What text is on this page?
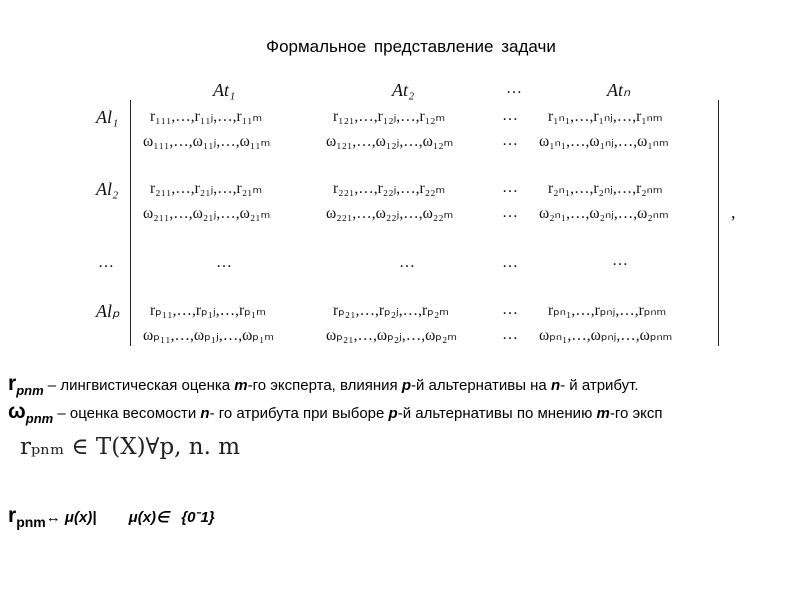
Формальное представление задачи
At₁	At₂	…	Atₙ
Al₁ r₁₁₁,…,r₁₁ⱼ,…,r₁₁ₘ	r₁₂₁,…,r₁₂ⱼ,…,r₁₂ₘ	… r₁ₙ₁,…,r₁ₙⱼ,…,r₁ₙₘ
ω₁₁₁,…,ω₁₁ⱼ,…,ω₁₁ₘ	ω₁₂₁,…,ω₁₂ⱼ,…,ω₁₂ₘ	… ω₁ₙ₁,…,ω₁ₙⱼ,…,ω₁ₙₘ
Al₂ r₂₁₁,…,r₂₁ⱼ,…,r₂₁ₘ	r₂₂₁,…,r₂₂ⱼ,…,r₂₂ₘ	… r₂ₙ₁,…,r₂ₙⱼ,…,r₂ₙₘ
ω₂₁₁,…,ω₂₁ⱼ,…,ω₂₁ₘ	ω₂₂₁,…,ω₂₂ⱼ,…,ω₂₂ₘ	… ω₂ₙ₁,…,ω₂ₙⱼ,…,ω₂ₙₘ	,
…	…	…	…	…
Alₚ rₚ₁₁,…,rₚ₁ⱼ,…,rₚ₁ₘ	rₚ₂₁,…,rₚ₂ⱼ,…,rₚ₂ₘ	… rₚₙ₁,…,rₚₙⱼ,…,rₚₙₘ
ωₚ₁₁,…,ωₚ₁ⱼ,…,ωₚ₁ₘ	ωₚ₂₁,…,ωₚ₂ⱼ,…,ωₚ₂ₘ	… ωₚₙ₁,…,ωₚₙⱼ,…,ωₚₙₘ
$r_{pnm}$ – лингвистическая оценка m-го эксперта, влияния p-й альтернативы на n- й атрибут.
$\omega_{pnm}$ – оценка весомости n- го атрибута при выборе p-й альтернативы по мнению m-го эксп
rₚₙₘ ∈ T(X)∀p, n. m
$r_{pnm}\leftrightarrow$ μ(x)| μ(x)∈ {0ˉ1}
